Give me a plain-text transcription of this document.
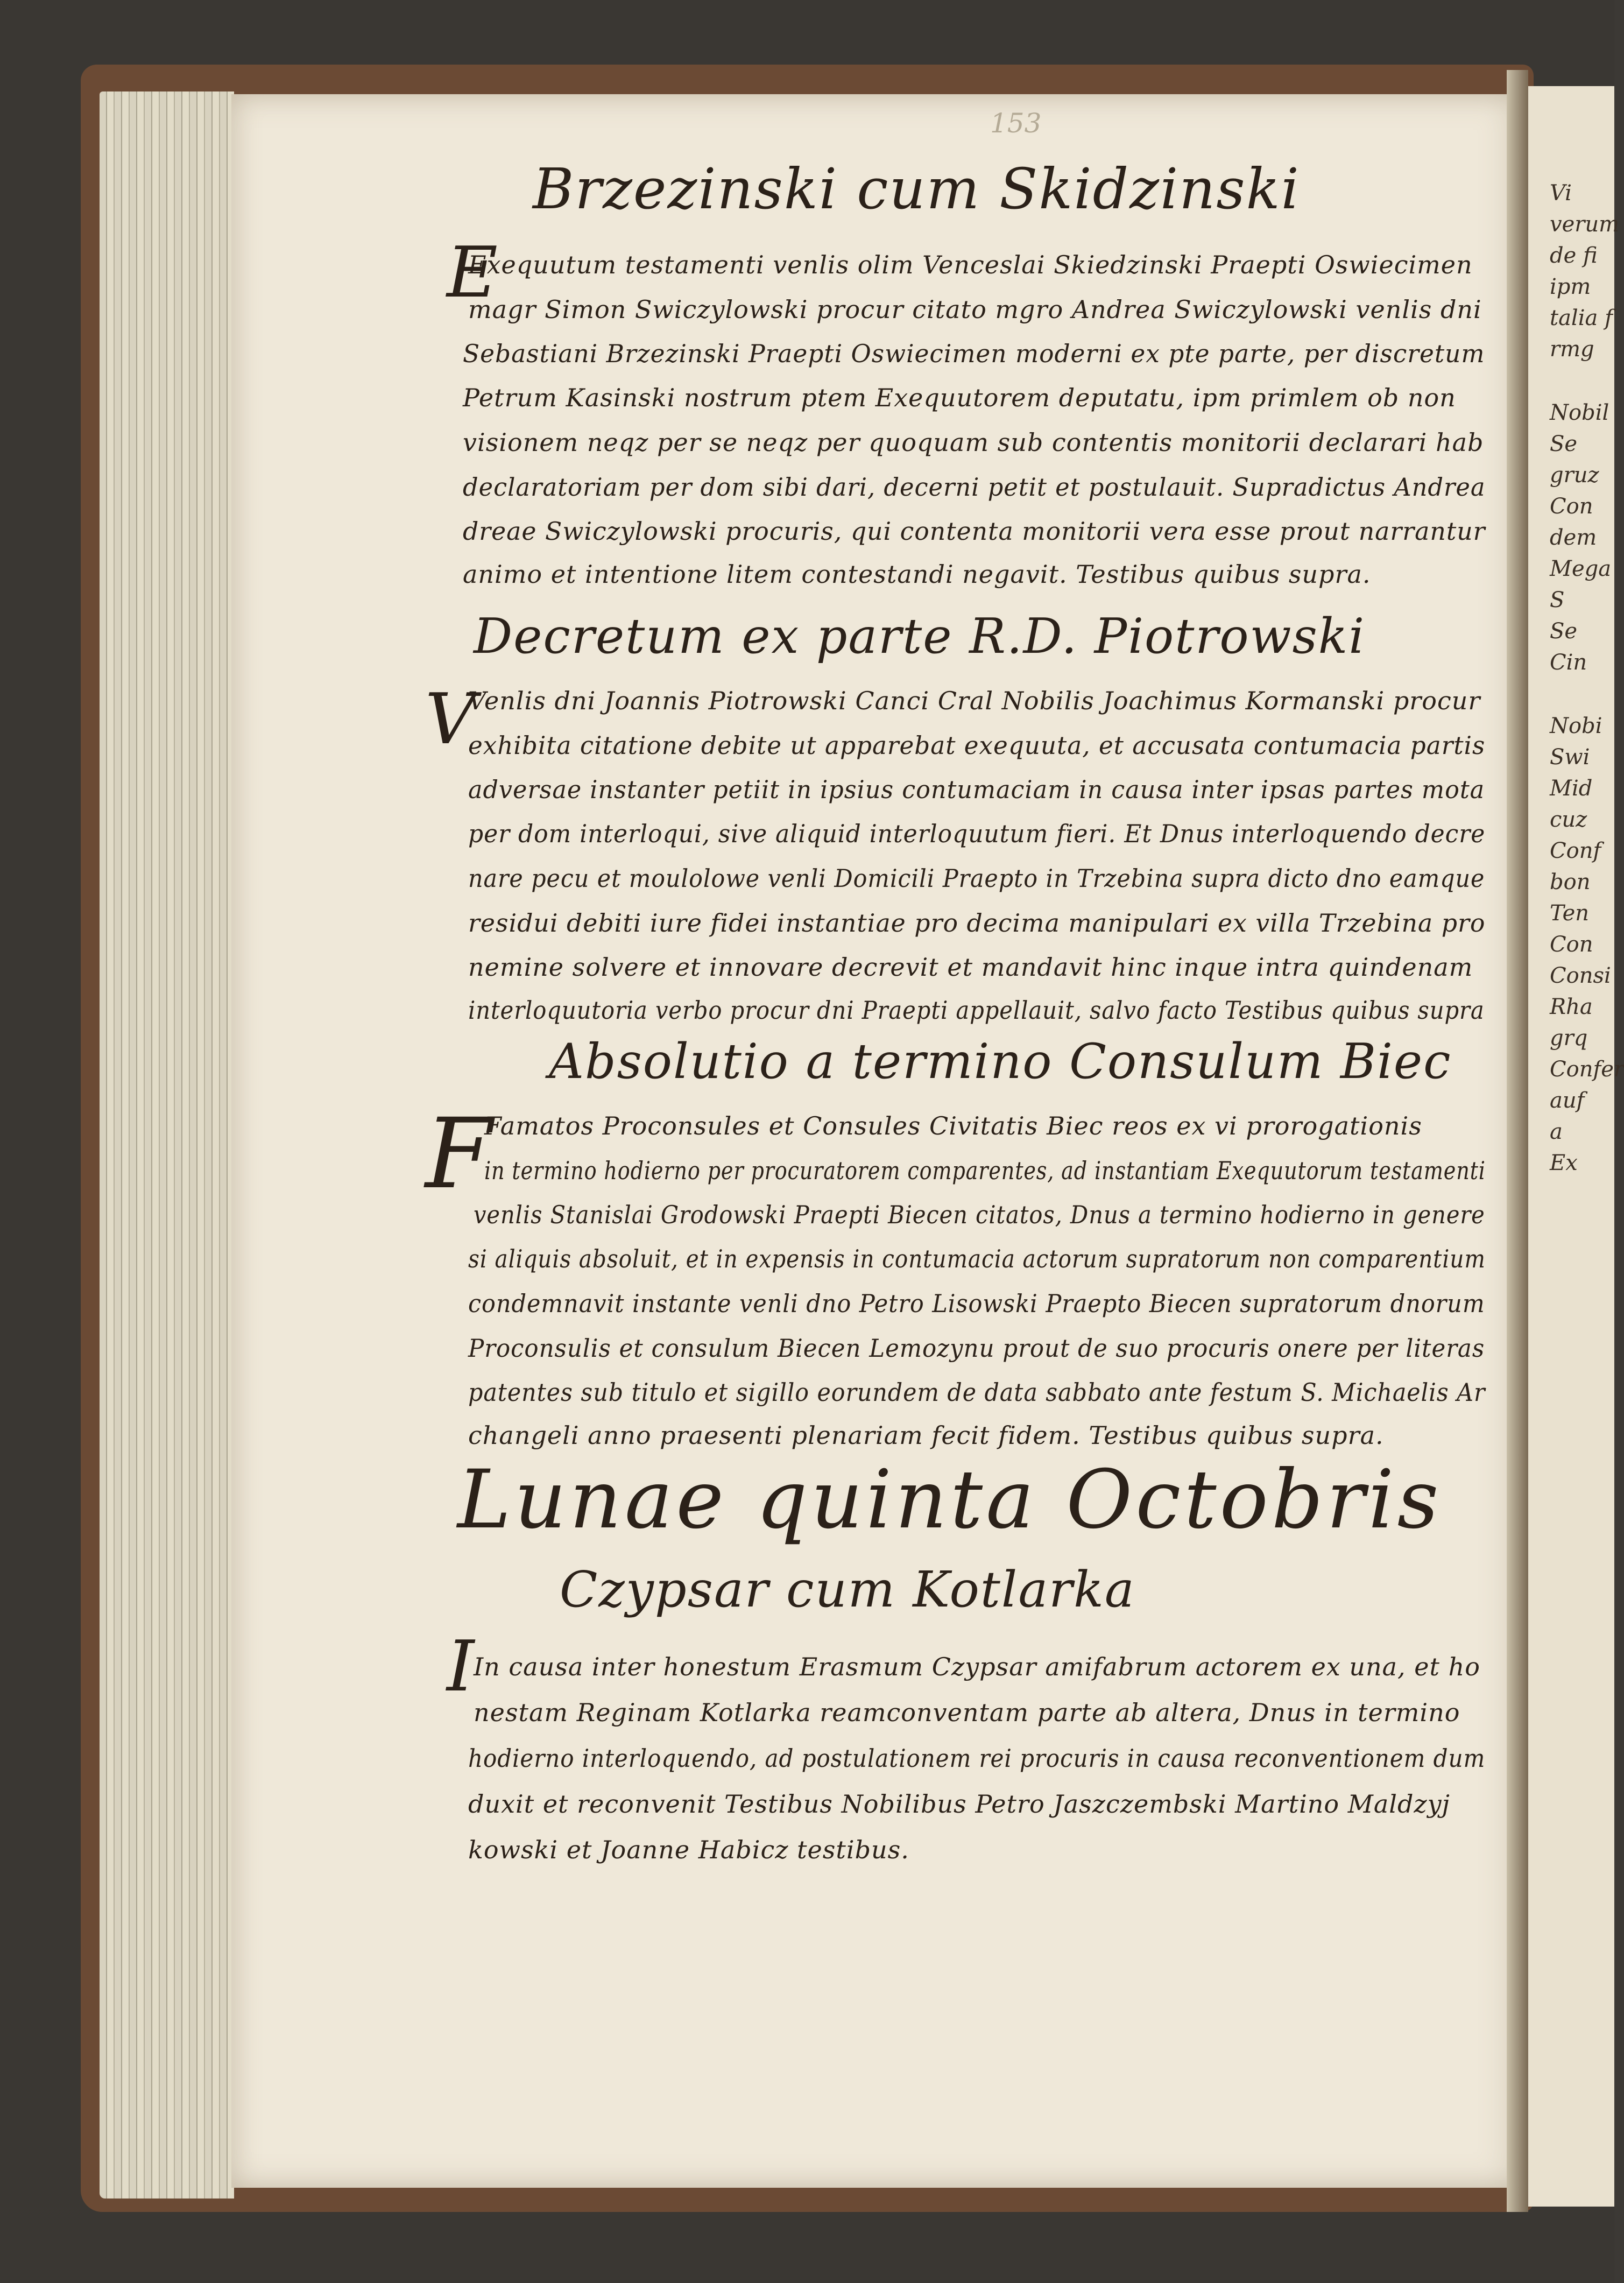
153
Brzezinski cum Skidzinski
E
Exequutum testamenti venlis olim Venceslai Skiedzinski Praepti Oswiecimen
magr Simon Swiczylowski procur citato mgro Andrea Swiczylowski venlis dni
Sebastiani Brzezinski Praepti Oswiecimen moderni ex pte parte, per discretum
Petrum Kasinski nostrum ptem Exequutorem deputatu, ipm primlem ob non
visionem neqz per se neqz per quoquam sub contentis monitorii declarari hab
declaratoriam per dom sibi dari, decerni petit et postulauit. Supradictus Andrea
dreae Swiczylowski procuris, qui contenta monitorii vera esse prout narrantur
animo et intentione litem contestandi negavit. Testibus quibus supra.
Decretum ex parte R.D. Piotrowski
V
Venlis dni Joannis Piotrowski Canci Cral Nobilis Joachimus Kormanski procur
exhibita citatione debite ut apparebat exequuta, et accusata contumacia partis
adversae instanter petiit in ipsius contumaciam in causa inter ipsas partes mota
per dom interloqui, sive aliquid interloquutum fieri. Et Dnus interloquendo decre
nare pecu et moulolowe venli Domicili Praepto in Trzebina supra dicto dno eamque
residui debiti iure fidei instantiae pro decima manipulari ex villa Trzebina pro
nemine solvere et innovare decrevit et mandavit hinc inque intra quindenam
interloquutoria verbo procur dni Praepti appellauit, salvo facto Testibus quibus supra
Absolutio a termino Consulum Biec
F
Famatos Proconsules et Consules Civitatis Biec reos ex vi prorogationis
in termino hodierno per procuratorem comparentes, ad instantiam Exequutorum testamenti
venlis Stanislai Grodowski Praepti Biecen citatos, Dnus a termino hodierno in genere
si aliquis absoluit, et in expensis in contumacia actorum supratorum non comparentium
condemnavit instante venli dno Petro Lisowski Praepto Biecen supratorum dnorum
Proconsulis et consulum Biecen Lemozynu prout de suo procuris onere per literas
patentes sub titulo et sigillo eorundem de data sabbato ante festum S. Michaelis Ar
changeli anno praesenti plenariam fecit fidem. Testibus quibus supra.
Lunae quinta Octobris
Czypsar cum Kotlarka
I
In causa inter honestum Erasmum Czypsar amifabrum actorem ex una, et ho
nestam Reginam Kotlarka reamconventam parte ab altera, Dnus in termino
hodierno interloquendo, ad postulationem rei procuris in causa reconventionem dum
duxit et reconvenit Testibus Nobilibus Petro Jaszczembski Martino Maldzyj
kowski et Joanne Habicz testibus.
Vi
verum
de fi
ipm
talia f
rmg
Nobil
Se
gruz
Con
dem
Mega
S
Se
Cin
Nobi
Swi
Mid
cuz
Conf
bon
Ten
Con
Consi
Rha
grq
Confer
auf
a
Ex
